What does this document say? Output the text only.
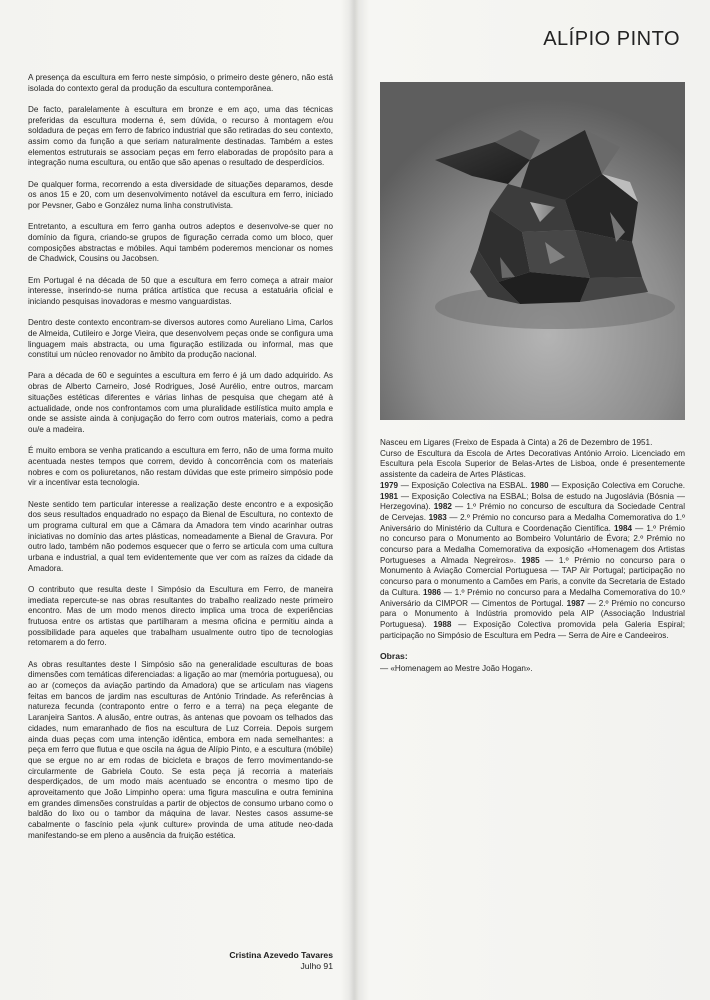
ALÍPIO PINTO

A presença da escultura em ferro neste simpósio, o primeiro deste género, não está isolada do contexto geral da produção da escultura contemporânea.

De facto, paralelamente à escultura em bronze e em aço, uma das técnicas preferidas da escultura moderna é, sem dúvida, o recurso à montagem e/ou soldadura de peças em ferro de fabrico industrial que são retiradas do seu contexto, assim como da função a que seriam naturalmente destinadas. Também a estes elementos estruturais se associam peças em ferro elaboradas de propósito para a integração numa escultura, ou então que são apenas o resultado de desperdícios.

De qualquer forma, recorrendo a esta diversidade de situações deparamos, desde os anos 15 e 20, com um desenvolvimento notável da escultura em ferro, iniciado por Pevsner, Gabo e González numa linha construtivista.

Entretanto, a escultura em ferro ganha outros adeptos e desenvolve-se quer no domínio da figura, criando-se grupos de figuração cerrada como um bloco, quer composições abstractas e móbiles. Aqui também poderemos mencionar os nomes de Chadwick, Cousins ou Jacobsen.

Em Portugal é na década de 50 que a escultura em ferro começa a atrair maior interesse, inserindo-se numa prática artística que recusa a estatuária oficial e iniciando pesquisas inovadoras e mesmo vanguardistas.

Dentro deste contexto encontram-se diversos autores como Aureliano Lima, Carlos de Almeida, Cutileiro e Jorge Vieira, que desenvolvem peças onde se configura uma linguagem mais abstracta, ou uma figuração estilizada ou informal, mas que constitui um núcleo renovador no âmbito da produção nacional.

Para a década de 60 e seguintes a escultura em ferro é já um dado adquirido. As obras de Alberto Carneiro, José Rodrigues, José Aurélio, entre outros, marcam situações estéticas diferentes e várias linhas de pesquisa que chegam até à actualidade, onde nos confrontamos com uma pluralidade estilística muito ampla e onde se assiste ainda à conjugação do ferro com outros materiais, como a pedra ou/e a madeira.

É muito embora se venha praticando a escultura em ferro, não de uma forma muito acentuada nestes tempos que correm, devido à concorrência com os materiais nobres e com os poliuretanos, não restam dúvidas que este primeiro simpósio pode vir a incentivar esta tecnologia.

Neste sentido tem particular interesse a realização deste encontro e a exposição dos seus resultados enquadrado no espaço da Bienal de Escultura, no contexto de um programa cultural em que a Câmara da Amadora tem vindo acarinhar outras iniciativas no domínio das artes plásticas, nomeadamente a Bienal de Gravura. Por outro lado, também não podemos esquecer que o ferro se articula com uma cultura urbana e industrial, a qual tem evidentemente que ver com as raízes da cidade da Amadora.

O contributo que resulta deste I Simpósio da Escultura em Ferro, de maneira imediata repercute-se nas obras resultantes do trabalho realizado neste primeiro encontro. Mas de um modo menos directo implica uma troca de experiências frutuosa entre os artistas que partilharam a mesma oficina e permitiu ainda a possibilidade para aqueles que trabalham usualmente outro tipo de tecnologias retomarem a do ferro.

As obras resultantes deste I Simpósio são na generalidade esculturas de boas dimensões com temáticas diferenciadas: a ligação ao mar (memória portuguesa), ou ao ar (começos da aviação partindo da Amadora) que se articulam nas viagens feitas em bancos de jardim nas esculturas de António Trindade. As referências à natureza fecunda (contraponto entre o ferro e a terra) na peça elegante de Laranjeira Santos. A alusão, entre outras, às antenas que povoam os telhados das cidades, num emaranhado de fios na escultura de Luz Correia. Depois surgem ainda duas peças com uma intenção idêntica, embora em nada semelhantes: a peça em ferro que flutua e que oscila na água de Alípio Pinto, e a escultura (móbile) que se ergue no ar em rodas de bicicleta e braços de ferro movimentando-se circularmente de Gabriela Couto. Se esta peça já recorria a materiais desperdiçados, de um modo mais acentuado se encontra o mesmo tipo de aproveitamento que João Limpinho opera: uma figura masculina e outra feminina em grandes dimensões construídas a partir de objectos de consumo urbano como o baldão do lixo ou o tambor da máquina de lavar. Nestes casos assume-se cabalmente o fascínio pela «junk culture» provinda de uma atitude neo-dada manifestando-se em pleno a ausência da fruição estética.

Cristina Azevedo Tavares
Julho 91

Nasceu em Ligares (Freixo de Espada à Cinta) a 26 de Dezembro de 1951.

Curso de Escultura da Escola de Artes Decorativas António Arroio. Licenciado em Escultura pela Escola Superior de Belas-Artes de Lisboa, onde é presentemente assistente da cadeira de Artes Plásticas.

1979 — Exposição Colectiva na ESBAL. 1980 — Exposição Colectiva em Coruche. 1981 — Exposição Colectiva na ESBAL; Bolsa de estudo na Jugoslávia (Bósnia — Herzegovina). 1982 — 1.º Prémio no concurso de escultura da Sociedade Central de Cervejas. 1983 — 2.º Prémio no concurso para a Medalha Comemorativa do 1.º Aniversário do Ministério da Cultura e Coordenação Científica. 1984 — 1.º Prémio no concurso para o Monumento ao Bombeiro Voluntário de Évora; 2.º Prémio no concurso para a Medalha Comemorativa da exposição «Homenagem dos Artistas Portugueses a Almada Negreiros». 1985 — 1.º Prémio no concurso para o Monumento à Aviação Comercial Portuguesa — TAP Air Portugal; participação no concurso para o monumento a Camões em Paris, a convite da Secretaria de Estado da Cultura. 1986 — 1.º Prémio no concurso para a Medalha Comemorativa do 10.º Aniversário da CIMPOR — Cimentos de Portugal. 1987 — 2.º Prémio no concurso para o Monumento à Indústria promovido pela AIP (Associação Industrial Portuguesa). 1988 — Exposição Colectiva promovida pela Galeria Espiral; participação no Simpósio de Escultura em Pedra — Serra de Aire e Candeeiros.

Obras:

— «Homenagem ao Mestre João Hogan».
